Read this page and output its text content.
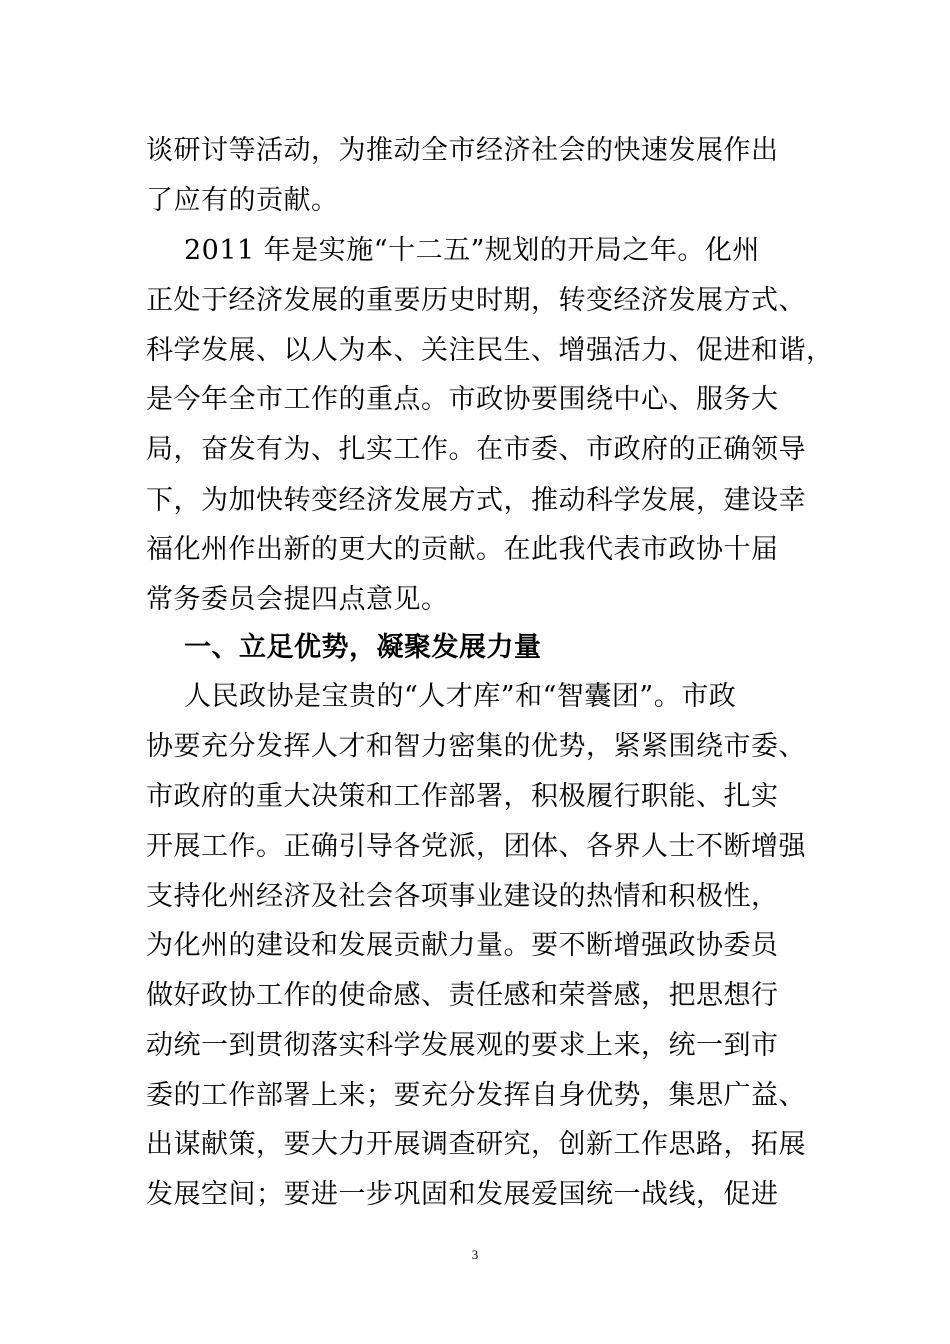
谈研讨等活动，为推动全市经济社会的快速发展作出
了应有的贡献。
2011 年是实施“十二五”规划的开局之年。化州
正处于经济发展的重要历史时期，转变经济发展方式、
科学发展、以人为本、关注民生、增强活力、促进和谐，
是今年全市工作的重点。市政协要围绕中心、服务大
局，奋发有为、扎实工作。在市委、市政府的正确领导
下，为加快转变经济发展方式，推动科学发展，建设幸
福化州作出新的更大的贡献。在此我代表市政协十届
常务委员会提四点意见。
一、立足优势，凝聚发展力量
人民政协是宝贵的“人才库”和“智囊团”。市政
协要充分发挥人才和智力密集的优势，紧紧围绕市委、
市政府的重大决策和工作部署，积极履行职能、扎实
开展工作。正确引导各党派，团体、各界人士不断增强
支持化州经济及社会各项事业建设的热情和积极性，
为化州的建设和发展贡献力量。要不断增强政协委员
做好政协工作的使命感、责任感和荣誉感，把思想行
动统一到贯彻落实科学发展观的要求上来，统一到市
委的工作部署上来；要充分发挥自身优势，集思广益、
出谋献策，要大力开展调查研究，创新工作思路，拓展
发展空间；要进一步巩固和发展爱国统一战线，促进
3
